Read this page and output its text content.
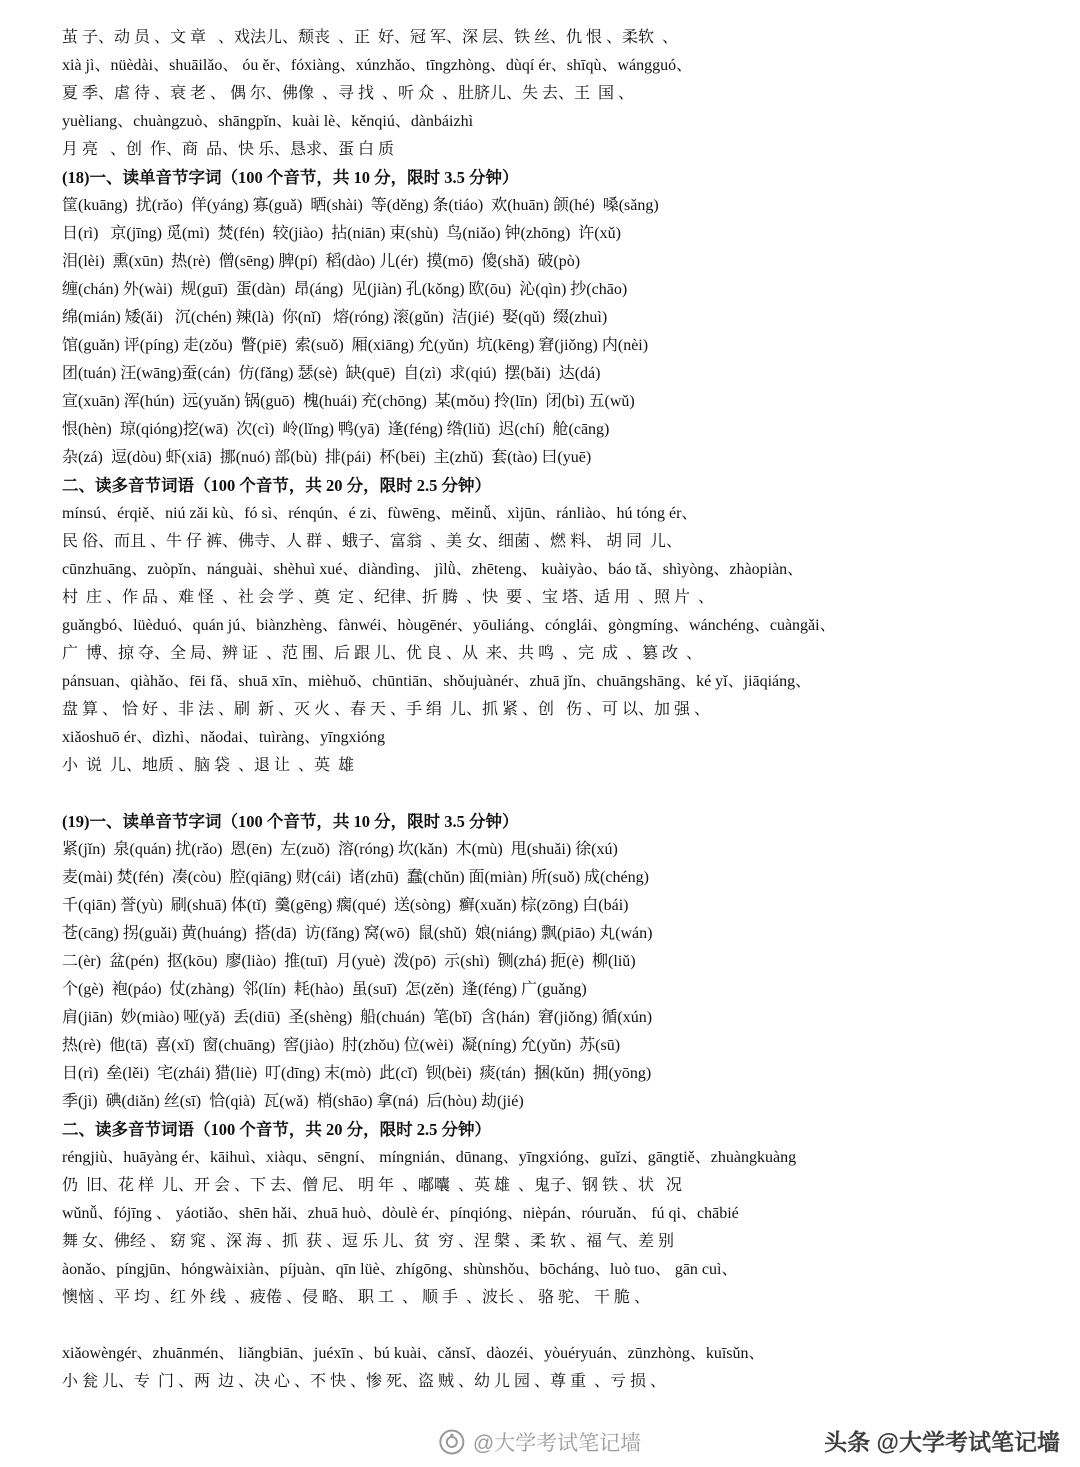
茧 子、动 员 、文 章   、戏法儿、颓丧  、正  好、冠 军、深 层、铁 丝、仇 恨 、柔软  、
xià jì、nüèdài、shuāilǎo、 óu ěr、fóxiàng、xúnzhǎo、tīngzhòng、dùqí ér、shīqù、wángguó、
夏 季、虐 待 、衰 老 、 偶 尔、佛像  、寻 找  、听 众  、肚脐儿、失 去、王  国 、
yuèliang、chuàngzuò、shāngpǐn、kuài lè、kěnqiú、dànbáizhì
月 亮   、创  作、商  品、快 乐、恳求、蛋 白 质
(18)一、读单音节字词（100 个音节，共 10 分，限时 3.5 分钟）
筐(kuāng)  扰(rǎo)  佯(yáng) 寡(guǎ)  晒(shài)  等(děng) 条(tiáo)  欢(huān) 颌(hé)  嗓(sǎng)
日(rì)   京(jīng) 觅(mì)  焚(fén)  较(jiào)  拈(niān) 束(shù)  鸟(niǎo) 钟(zhōng)  许(xǔ)
泪(lèi)  熏(xūn)  热(rè)  僧(sēng) 脾(pí)  稻(dào) 儿(ér)  摸(mō)  傻(shǎ)  破(pò)
缠(chán) 外(wài)  规(guī)  蛋(dàn)  昂(áng)  见(jiàn) 孔(kǒng) 欧(ōu)  沁(qìn) 抄(chāo)
绵(mián) 矮(ǎi)   沉(chén) 辣(là)  你(nǐ)   熔(róng) 滚(gǔn)  洁(jié)  娶(qǔ)  缀(zhuì)
馆(guǎn) 评(píng) 走(zǒu)  瞥(piē)  索(suǒ)  厢(xiāng) 允(yǔn)  坑(kēng) 窘(jiǒng) 内(nèi)
团(tuán) 汪(wāng)蚕(cán)  仿(fǎng) 瑟(sè)  缺(quē)  自(zì)  求(qiú)  摆(bǎi)  达(dá)
宣(xuān) 浑(hún)  远(yuǎn) 锅(guō)  槐(huái) 充(chōng)  某(mǒu) 拎(līn)  闭(bì) 五(wǔ)
恨(hèn)  琼(qióng)挖(wā)  次(cì)  岭(lǐng) 鸭(yā)  逢(féng) 绺(liǔ)  迟(chí)  舱(cāng)
杂(zá)  逗(dòu) 虾(xiā)  挪(nuó) 部(bù)  排(pái)  杯(bēi)  主(zhǔ)  套(tào) 曰(yuē)
二、读多音节词语（100 个音节，共 20 分，限时 2.5 分钟）
mínsú、érqiě、niú zǎi kù、fó sì、rénqún、é zi、fùwēng、měinǚ、xìjūn、ránliào、hú tóng ér、
民 俗、而且 、牛 仔 裤、佛寺、人 群 、蛾子、富翁  、美 女、细菌 、燃 料、 胡 同  儿、
cūnzhuāng、zuòpǐn、nánguài、shèhuì xué、diàndìng、 jìlǜ、zhēteng、 kuàiyào、báo tǎ、shìyòng、zhàopiàn、
村  庄 、作 品 、难 怪  、社 会 学 、奠  定 、纪律、折 腾  、快  要 、宝 塔、适 用  、照 片  、
guǎngbó、lüèduó、quán jú、biànzhèng、fànwéi、hòugēnér、yōuliáng、cónglái、gòngmíng、wánchéng、cuàngǎi、
广  博、掠 夺、全 局、辨 证  、范 围、后 跟 儿、优 良 、从  来、共 鸣  、完  成  、篡 改  、
pánsuan、qiàhǎo、fēi fǎ、shuā xīn、mièhuǒ、chūntiān、shǒujuànér、zhuā jǐn、chuāngshāng、ké yǐ、jiāqiáng、
盘 算 、 恰 好 、非 法 、刷  新 、灭 火 、春 天 、手 绢  儿、抓 紧 、创   伤 、可 以、加 强 、
xiǎoshuō ér、dìzhì、nǎodai、tuìràng、yīngxióng
小  说  儿、地质 、脑 袋  、退 让  、英  雄
(19)一、读单音节字词（100 个音节，共 10 分，限时 3.5 分钟）
紧(jǐn)  泉(quán) 扰(rǎo)  恩(ēn)  左(zuǒ)  溶(róng) 坎(kǎn)  木(mù)  甩(shuǎi) 徐(xú)
麦(mài) 焚(fén)  凑(còu)  腔(qiāng) 财(cái)  诸(zhū)  蠢(chǔn) 面(miàn) 所(suǒ) 成(chéng)
千(qiān) 誉(yù)  刷(shuā) 体(tǐ)  羹(gēng) 瘸(qué)  送(sòng)  癣(xuǎn) 棕(zōng) 白(bái)
苍(cāng) 拐(guǎi) 黄(huáng)  搭(dā)  访(fǎng) 窝(wō)  鼠(shǔ)  娘(niáng) 飘(piāo) 丸(wán)
二(èr)  盆(pén)  抠(kōu)  廖(liào)  推(tuī)  月(yuè)  泼(pō)  示(shì)  铡(zhá) 扼(è)  柳(liǔ)
个(gè)  袍(páo)  仗(zhàng)  邻(lín)  耗(hào)  虽(suī)  怎(zěn)  逢(féng) 广(guǎng)
肩(jiān)  妙(miào) 哑(yǎ)  丢(diū)  圣(shèng)  船(chuán)  笔(bǐ)  含(hán)  窘(jiǒng) 循(xún)
热(rè)  他(tā)  喜(xǐ)  窗(chuāng)  窖(jiào)  肘(zhǒu) 位(wèi)  凝(níng) 允(yǔn)  苏(sū)
日(rì)  垒(lěi)  宅(zhái) 猎(liè)  叮(dīng) 末(mò)  此(cǐ)  钡(bèi)  痰(tán)  捆(kǔn)  拥(yōng)
季(jì)  碘(diǎn) 丝(sī)  恰(qià)  瓦(wǎ)  梢(shāo) 拿(ná)  后(hòu) 劫(jié)
二、读多音节词语（100 个音节，共 20 分，限时 2.5 分钟）
réngjiù、huāyàng ér、kāihuì、xiàqu、sēngní、 míngnián、dūnang、yīngxióng、guǐzi、gāngtiě、zhuàngkuàng
仍  旧、花 样  儿、开 会 、下 去、僧 尼、 明 年  、嘟囔  、英 雄  、鬼子、钢 铁 、状   况
wǔnǚ、fójīng 、 yáotiǎo、shēn hǎi、zhuā huò、dòulè ér、pínqióng、nièpán、róuruǎn、 fú qi、chābié
舞 女、佛经 、 窈 窕 、深 海 、抓  获 、逗 乐 儿、贫  穷 、涅 槃 、柔 软 、福 气、差 别
àonǎo、píngjūn、hóngwàixiàn、píjuàn、qīn lüè、zhígōng、shùnshǒu、bōcháng、luò tuo、 gān cuì、
懊恼 、平 均 、红 外 线  、疲倦 、侵 略、 职 工  、 顺 手  、波长 、 骆 驼、 干 脆 、
xiǎowèngér、zhuānmén、 liǎngbiān、juéxīn 、bú kuài、cǎnsǐ、dàozéi、yòuéryuán、zūnzhòng、kuīsǔn、
小 瓮 儿、专  门 、两  边 、决 心 、不 快 、惨 死、盗 贼 、幼 儿 园 、尊 重  、亏 损 、
@大学考试笔记墙	头条 @大学考试笔记墙
